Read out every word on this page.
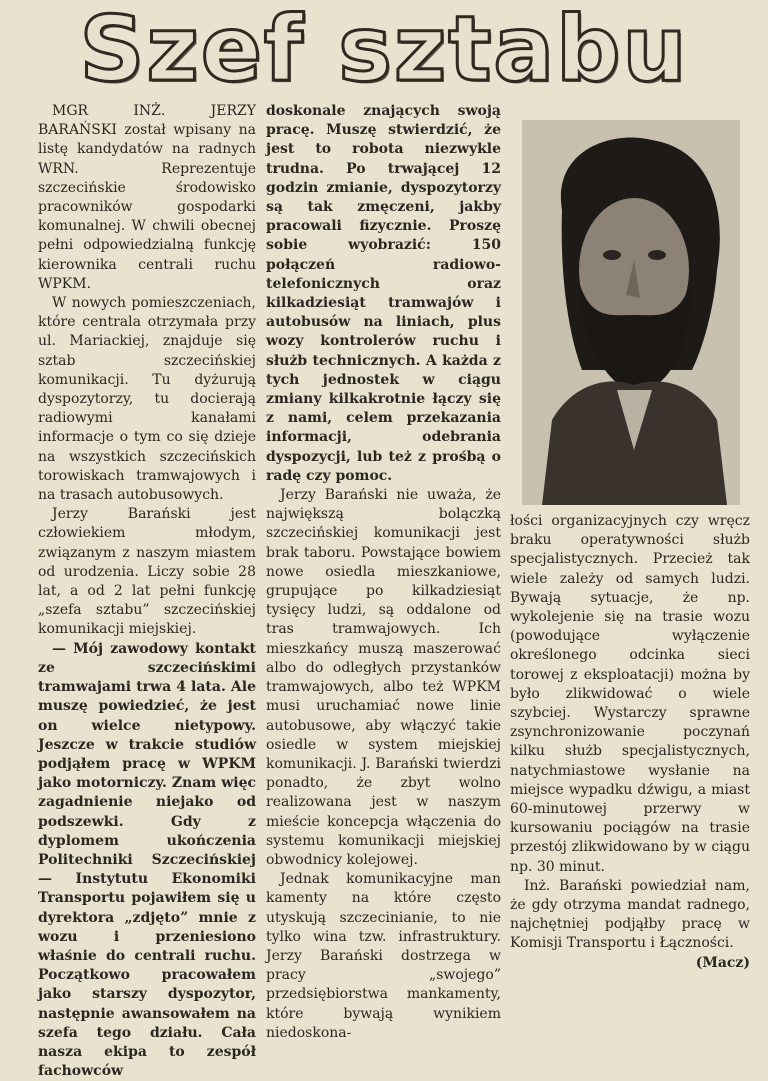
Szef sztabu

MGR INŻ. JERZY BARAŃSKI został wpisany na listę kandydatów na radnych WRN. Reprezentuje szczecińskie środowisko pracowników gospodarki komunalnej. W chwili obecnej pełni odpowiedzialną funkcję kierownika centrali ruchu WPKM.

W nowych pomieszczeniach, które centrala otrzymała przy ul. Mariackiej, znajduje się sztab szczecińskiej komunikacji. Tu dyżurują dyspozytorzy, tu docierają radiowymi kanałami informacje o tym co się dzieje na wszystkich szczecińskich torowiskach tramwajowych i na trasach autobusowych.

Jerzy Barański jest człowiekiem młodym, związanym z naszym miastem od urodzenia. Liczy sobie 28 lat, a od 2 lat pełni funkcję „szefa sztabu” szczecińskiej komunikacji miejskiej.

— Mój zawodowy kontakt ze szczecińskimi tramwajami trwa 4 lata. Ale muszę powiedzieć, że jest on wielce nietypowy. Jeszcze w trakcie studiów podjąłem pracę w WPKM jako motorniczy. Znam więc zagadnienie niejako od podszewki. Gdy z dyplomem ukończenia Politechniki Szczecińskiej — Instytutu Ekonomiki Transportu pojawiłem się u dyrektora „zdjęto” mnie z wozu i przeniesiono właśnie do centrali ruchu. Początkowo pracowałem jako starszy dyspozytor, następnie awansowałem na szefa tego działu. Cała nasza ekipa to zespół fachowców

doskonale znających swoją pracę. Muszę stwierdzić, że jest to robota niezwykle trudna. Po trwającej 12 godzin zmianie, dyspozytorzy są tak zmęczeni, jakby pracowali fizycznie. Proszę sobie wyobrazić: 150 połączeń radiowo-telefonicznych oraz kilkadziesiąt tramwajów i autobusów na liniach, plus wozy kontrolerów ruchu i służb technicznych. A każda z tych jednostek w ciągu zmiany kilkakrotnie łączy się z nami, celem przekazania informacji, odebrania dyspozycji, lub też z prośbą o radę czy pomoc.

Jerzy Barański nie uważa, że największą bolączką szczecińskiej komunikacji jest brak taboru. Powstające bowiem nowe osiedla mieszkaniowe, grupujące po kilkadziesiąt tysięcy ludzi, są oddalone od tras tramwajowych. Ich mieszkańcy muszą maszerować albo do odległych przystanków tramwajowych, albo też WPKM musi uruchamiać nowe linie autobusowe, aby włączyć takie osiedle w system miejskiej komunikacji. J. Barański twierdzi ponadto, że zbyt wolno realizowana jest w naszym mieście koncepcja włączenia do systemu komunikacji miejskiej obwodnicy kolejowej.

Jednak komunikacyjne man kamenty na które często utyskują szczecinianie, to nie tylko wina tzw. infrastruktury. Jerzy Barański dostrzega w pracy „swojego” przedsiębiorstwa mankamenty, które bywają wynikiem niedoskona-

łości organizacyjnych czy wręcz braku operatywności służb specjalistycznych. Przecież tak wiele zależy od samych ludzi. Bywają sytuacje, że np. wykolejenie się na trasie wozu (powodujące wyłączenie określonego odcinka sieci torowej z eksploatacji) można by było zlikwidować o wiele szybciej. Wystarczy sprawne zsynchronizowanie poczynań kilku służb specjalistycznych, natychmiastowe wysłanie na miejsce wypadku dźwigu, a miast 60-minutowej przerwy w kursowaniu pociągów na trasie przestój zlikwidowano by w ciągu np. 30 minut.

Inż. Barański powiedział nam, że gdy otrzyma mandat radnego, najchętniej podjąłby pracę w Komisji Transportu i Łączności.
(Macz)
